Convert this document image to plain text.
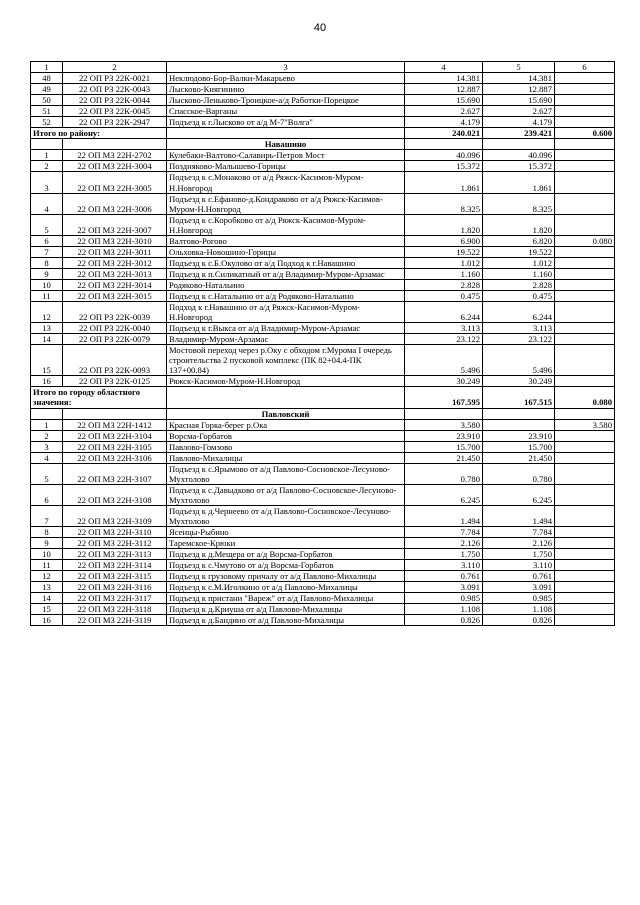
40
1	2	3	4	5	6
48	22 ОП РЗ 22К-0021	Неклюдово-Бор-Валки-Макарьево	14.381	14.381	
49	22 ОП РЗ 22К-0043	Лысково-Княгинино	12.887	12.887	
50	22 ОП РЗ 22К-0044	Лысково-Леньково-Троицкое-а/д Работки-Порецкое	15.690	15.690	
51	22 ОП РЗ 22К-0045	Спасское-Варганы	2.627	2.627	
52	22 ОП РЗ 22К-2947	Подъезд к г.Лысково от а/д М-7"Волга"	4.179	4.179	
Итого по району:			240.021	239.421	0.600
		Навашино			
1	22 ОП МЗ 22Н-2702	Кулебаки-Валтово-Салавирь-Петров Мост	40.096	40.096	
2	22 ОП МЗ 22Н-3004	Поздняково-Малышево-Горицы	15.372	15.372	
3	22 ОП МЗ 22Н-3005	Подъезд к с.Монаково от а/д Ряжск-Касимов-Муром-Н.Новгород	1.861	1.861	
4	22 ОП МЗ 22Н-3006	Подъезд к с.Ефаново-д.Кондраково от а/д Ряжск-Касимов-Муром-Н.Новгород	8.325	8.325	
5	22 ОП МЗ 22Н-3007	Подъезд к с.Коробково от а/д Ряжск-Касимов-Муром-Н.Новгород	1.820	1.820	
6	22 ОП МЗ 22Н-3010	Валтово-Рогово	6.900	6.820	0.080
7	22 ОП МЗ 22Н-3011	Ольховка-Новошино-Горицы	19.522	19.522	
8	22 ОП МЗ 22Н-3012	Подъезд к с.Б.Окулово от а/д Подход к г.Навашино	1.012	1.012	
9	22 ОП МЗ 22Н-3013	Подъезд к п.Силикатный от а/д Владимир-Муром-Арзамас	1.160	1.160	
10	22 ОП МЗ 22Н-3014	Родяково-Натальино	2.828	2.828	
11	22 ОП МЗ 22Н-3015	Подъезд к с.Натальино от а/д Родяково-Натальино	0.475	0.475	
12	22 ОП РЗ 22К-0039	Подход к г.Навашино от а/д Ряжск-Касимов-Муром-Н.Новгород	6.244	6.244	
13	22 ОП РЗ 22К-0040	Подъезд к г.Выкса от а/д Владимир-Муром-Арзамас	3.113	3.113	
14	22 ОП РЗ 22К-0079	Владимир-Муром-Арзамас	23.122	23.122	
15	22 ОП РЗ 22К-0093	Мостовой переход через р.Оку с обходом г.Мурома I очередь строительства 2 пусковой комплекс (ПК 82+04.4-ПК 137+00.84)	5.496	5.496	
16	22 ОП РЗ 22К-0125	Ряжск-Касимов-Муром-Н.Новгород	30.249	30.249	
Итого по городу областного значения:			167.595	167.515	0.080
		Павловский			
1	22 ОП МЗ 22Н-1412	Красная Горка-берег р.Ока	3.580		3.580
2	22 ОП МЗ 22Н-3104	Ворсма-Горбатов	23.910	23.910	
3	22 ОП МЗ 22Н-3105	Павлово-Гомзово	15.700	15.700	
4	22 ОП МЗ 22Н-3106	Павлово-Михалицы	21.450	21.450	
5	22 ОП МЗ 22Н-3107	Подъезд к с.Ярымово от а/д Павлово-Сосновское-Лесуново-Мухтолово	0.780	0.780	
6	22 ОП МЗ 22Н-3108	Подъезд к с.Давыдково от а/д Павлово-Сосновское-Лесуново-Мухтолово	6.245	6.245	
7	22 ОП МЗ 22Н-3109	Подъезд к д.Чернеево от а/д Павлово-Сосновское-Лесуново-Мухтолово	1.494	1.494	
8	22 ОП МЗ 22Н-3110	Ясенцы-Рыбино	7.784	7.784	
9	22 ОП МЗ 22Н-3112	Таремское-Крюки	2.126	2.126	
10	22 ОП МЗ 22Н-3113	Подъезд к д.Мещера от а/д Ворсма-Горбатов	1.750	1.750	
11	22 ОП МЗ 22Н-3114	Подъезд к с.Чмутово от а/д Ворсма-Горбатов	3.110	3.110	
12	22 ОП МЗ 22Н-3115	Подъезд к грузовому причалу от а/д Павлово-Михалицы	0.761	0.761	
13	22 ОП МЗ 22Н-3116	Подъезд к с.М.Иголкино от а/д Павлово-Михалицы	3.091	3.091	
14	22 ОП МЗ 22Н-3117	Подъезд к пристани "Вареж" от а/д Павлово-Михалицы	0.985	0.985	
15	22 ОП МЗ 22Н-3118	Подъезд к д.Криуша от а/д Павлово-Михалицы	1.108	1.108	
16	22 ОП МЗ 22Н-3119	Подъезд к д.Бандино от а/д Павлово-Михалицы	0.826	0.826	
